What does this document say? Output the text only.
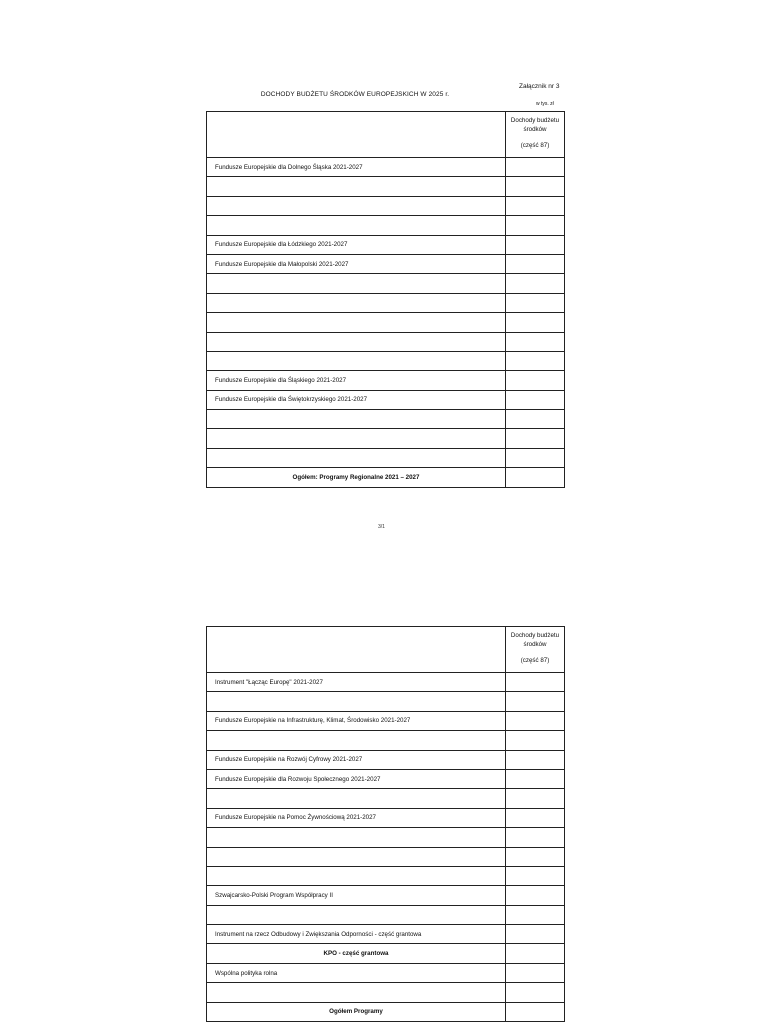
Załącznik nr 3
DOCHODY BUDŻETU ŚRODKÓW EUROPEJSKICH W 2025 r.
w tys. zł
	Dochody budżetu
środków
(część 87)

Fundusze Europejskie dla Dolnego Śląska 2021-2027	

Fundusze Europejskie dla Łódzkiego 2021-2027	
Fundusze Europejskie dla Małopolski 2021-2027	

Fundusze Europejskie dla Śląskiego 2021-2027	
Fundusze Europejskie dla Świętokrzyskiego 2021-2027	

Ogółem: Programy Regionalne 2021 – 2027	
3/1
	Dochody budżetu
środków
(część 87)

Instrument "Łącząc Europę" 2021-2027	

Fundusze Europejskie na Infrastrukturę, Klimat, Środowisko 2021-2027	

Fundusze Europejskie na Rozwój Cyfrowy 2021-2027	
Fundusze Europejskie dla Rozwoju Społecznego 2021-2027	

Fundusze Europejskie na Pomoc Żywnościową 2021-2027	

Szwajcarsko-Polski Program Współpracy II	

Instrument na rzecz Odbudowy i Zwiększania Odporności - część grantowa	
KPO - część grantowa	
Wspólna polityka rolna	

Ogółem Programy	
